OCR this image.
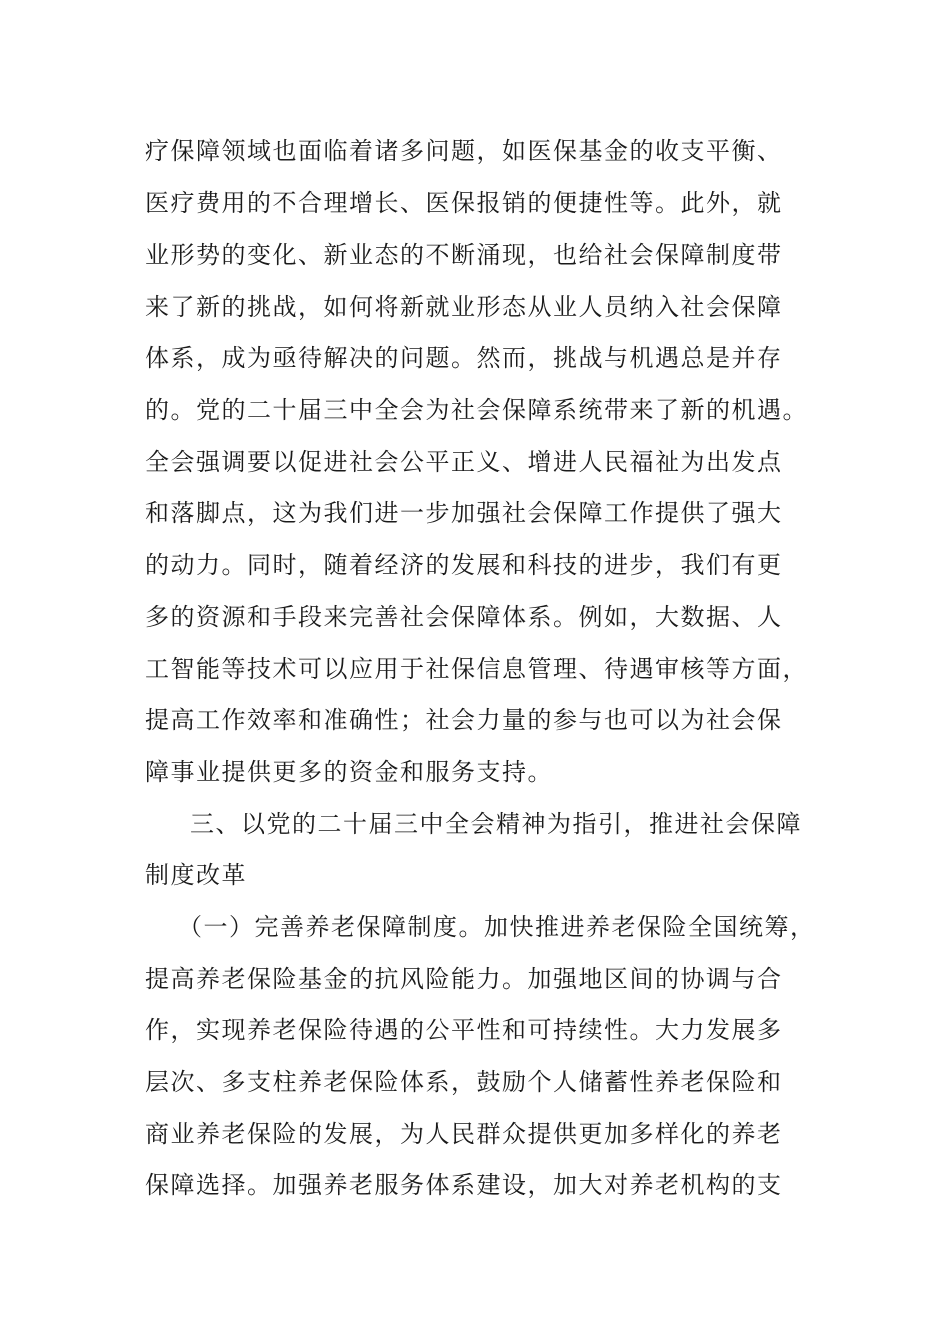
疗保障领域也面临着诸多问题，如医保基金的收支平衡、
医疗费用的不合理增长、医保报销的便捷性等。此外，就
业形势的变化、新业态的不断涌现，也给社会保障制度带
来了新的挑战，如何将新就业形态从业人员纳入社会保障
体系，成为亟待解决的问题。然而，挑战与机遇总是并存
的。党的二十届三中全会为社会保障系统带来了新的机遇。
全会强调要以促进社会公平正义、增进人民福祉为出发点
和落脚点，这为我们进一步加强社会保障工作提供了强大
的动力。同时，随着经济的发展和科技的进步，我们有更
多的资源和手段来完善社会保障体系。例如，大数据、人
工智能等技术可以应用于社保信息管理、待遇审核等方面，
提高工作效率和准确性；社会力量的参与也可以为社会保
障事业提供更多的资金和服务支持。
三、以党的二十届三中全会精神为指引，推进社会保障
制度改革
（一）完善养老保障制度。加快推进养老保险全国统筹，
提高养老保险基金的抗风险能力。加强地区间的协调与合
作，实现养老保险待遇的公平性和可持续性。大力发展多
层次、多支柱养老保险体系，鼓励个人储蓄性养老保险和
商业养老保险的发展，为人民群众提供更加多样化的养老
保障选择。加强养老服务体系建设，加大对养老机构的支
